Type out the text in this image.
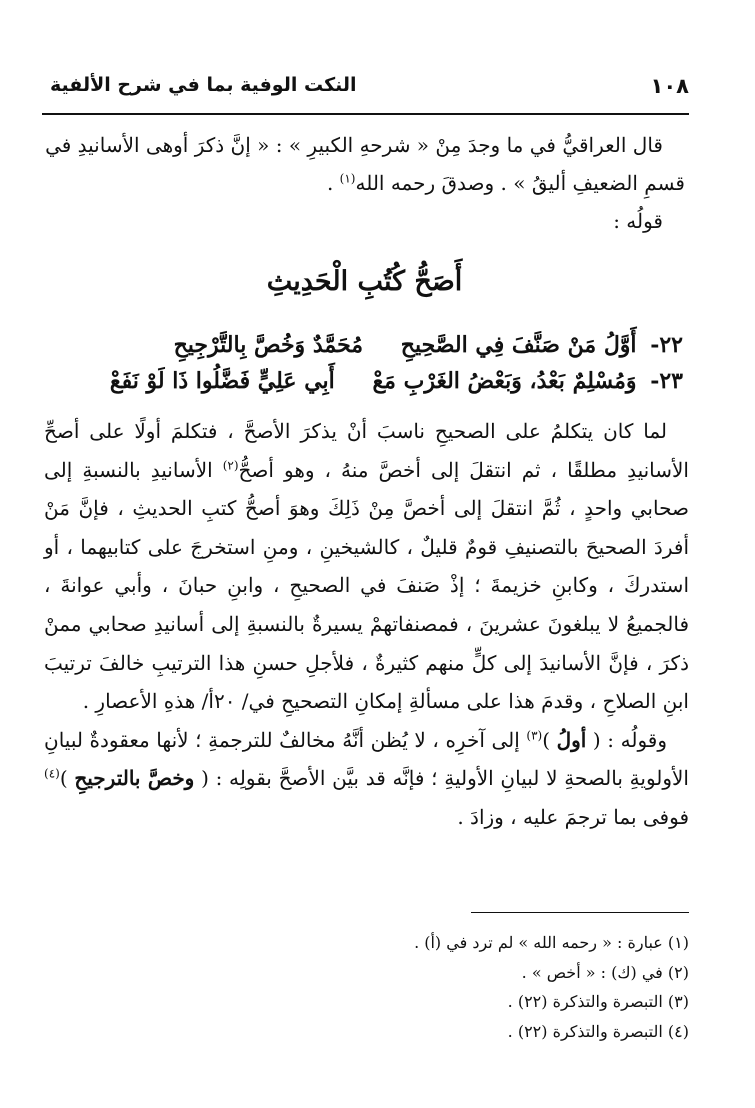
١٠٨
النكت الوفية بما في شرح الألفية

قال العراقيُّ في ما وجدَ مِنْ « شرحهِ الكبيرِ » : « إنَّ ذكرَ أوهى الأسانيدِ في

قسمِ الضعيفِ أليقُ » . وصدقَ رحمه الله$^{(١)}$ .

قولُه :

أَصَحُّ كُتُبِ الْحَدِيثِ
٢٢- أَوَّلُ مَنْ صَنَّفَ فِي الصَّحِيحِ مُحَمَّدٌ وَخُصَّ بِالتَّرْجِيحِ
٢٣- وَمُسْلِمٌ بَعْدُ، وَبَعْضُ الغَرْبِ مَعْ أَبِي عَلِيٍّ فَضَّلُوا ذَا لَوْ نَفَعْ

لما كان يتكلمُ على الصحيحِ ناسبَ أنْ يذكرَ الأصحَّ ، فتكلمَ أولًا على أصحِّ الأسانيدِ مطلقًا ، ثم انتقلَ إلى أخصَّ منهُ ، وهو أصحُّ$^{(٢)}$ الأسانيدِ بالنسبةِ إلى صحابي واحدٍ ، ثُمَّ انتقلَ إلى أخصَّ مِنْ ذَلِكَ وهوَ أصحُّ كتبِ الحديثِ ، فإنَّ مَنْ أفردَ الصحيحَ بالتصنيفِ قومٌ قليلٌ ، كالشيخينِ ، ومنِ استخرجَ على كتابيهما ، أو استدركَ ، وكابنِ خزيمةَ ؛ إذْ صَنفَ في الصحيحِ ، وابنِ حبانَ ، وأبي عوانةَ ، فالجميعُ لا يبلغونَ عشرينَ ، فمصنفاتهمْ يسيرةٌ بالنسبةِ إلى أسانيدِ صحابي ممنْ ذكرَ ، فإنَّ الأسانيدَ إلى كلٍّ منهم كثيرةٌ ، فلأجلِ حسنِ هذا الترتيبِ خالفَ ترتيبَ ابنِ الصلاحِ ، وقدمَ هذا على مسألةِ إمكانِ التصحيحِ في/ ٢٠أ/ هذهِ الأعصارِ .

وقولُه : ( أولُ )$^{(٣)}$ إلى آخرِه ، لا يُظن أنَّهُ مخالفٌ للترجمةِ ؛ لأنها معقودةٌ لبيانِ الأولويةِ بالصحةِ لا لبيانِ الأوليةِ ؛ فإنَّه قد بيَّن الأصحَّ بقولِه : ( وخصَّ بالترجيحِ )$^{(٤)}$ فوفى بما ترجمَ عليه ، وزادَ .

(١) عبارة : « رحمه الله » لم ترد في (أ) .
(٢) في (ك) : « أخص » .
(٣) التبصرة والتذكرة (٢٢) .
(٤) التبصرة والتذكرة (٢٢) .
